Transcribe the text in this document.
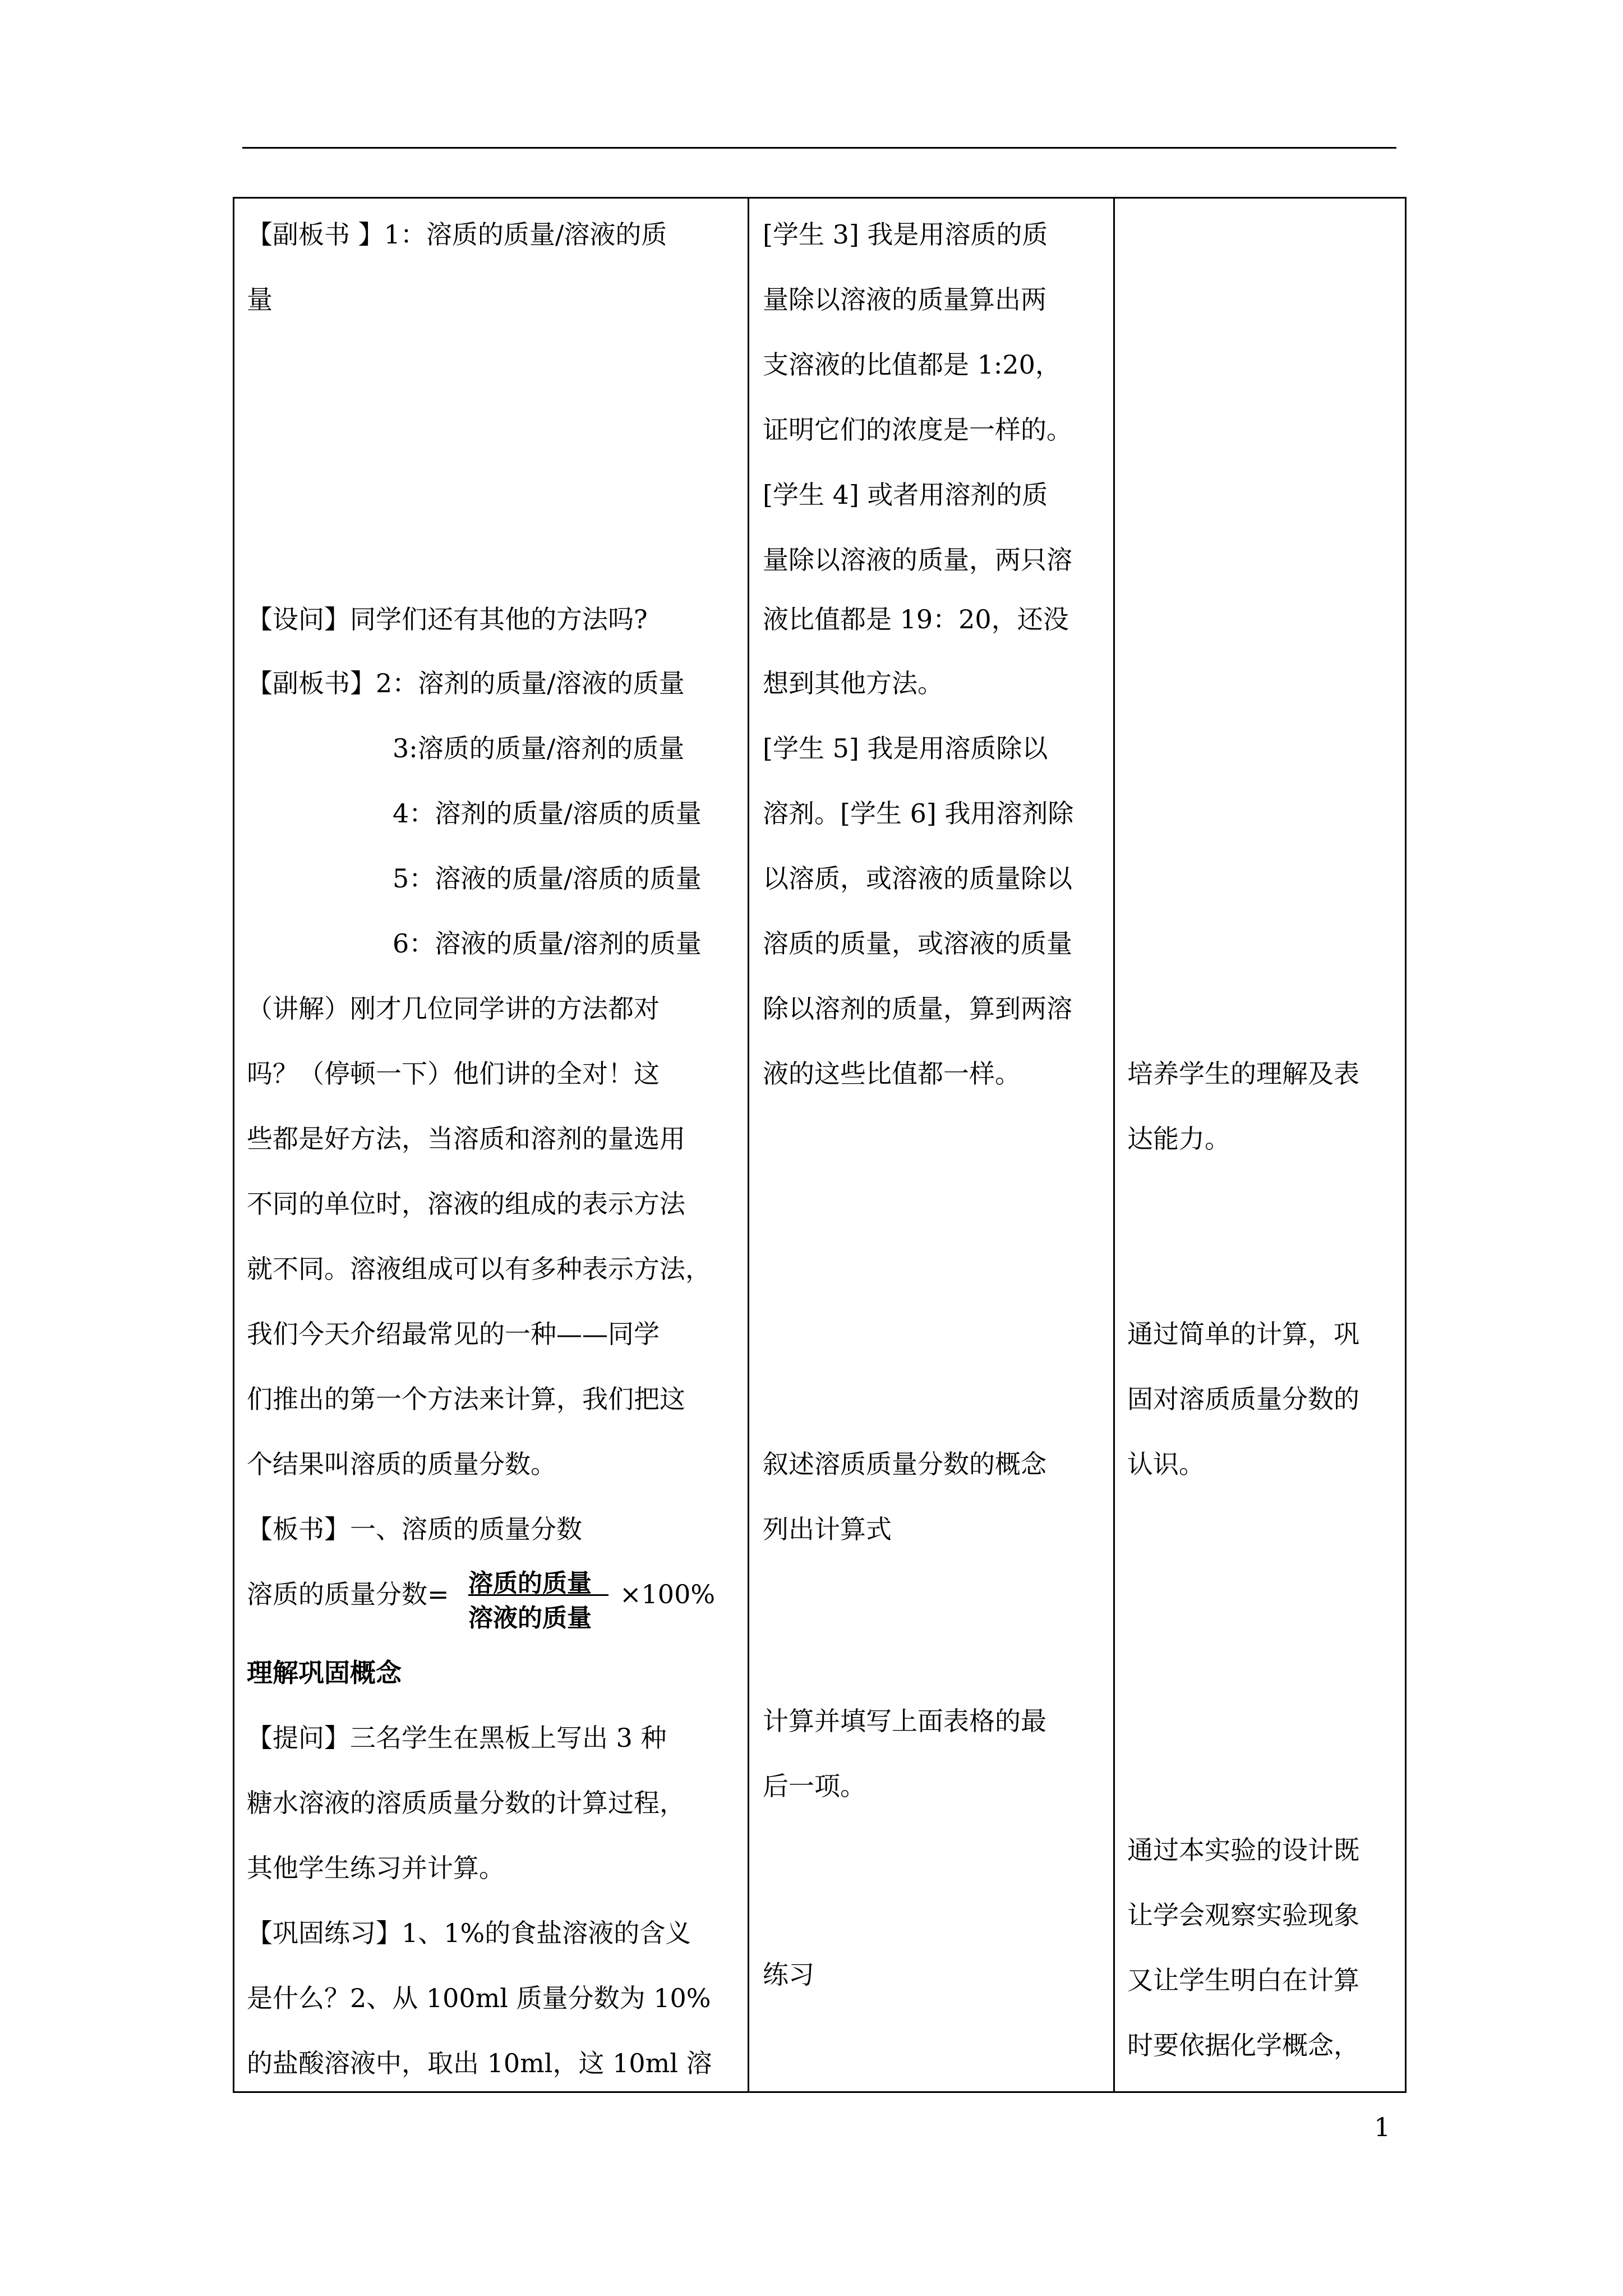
【副板书 】1：溶质的质量/溶液的质
量
【设问】同学们还有其他的方法吗?
【副板书】2：溶剂的质量/溶液的质量
3:溶质的质量/溶剂的质量
4：溶剂的质量/溶质的质量
5：溶液的质量/溶质的质量
6：溶液的质量/溶剂的质量
（讲解）刚才几位同学讲的方法都对
吗？（停顿一下）他们讲的全对！这
些都是好方法，当溶质和溶剂的量选用
不同的单位时，溶液的组成的表示方法
就不同。溶液组成可以有多种表示方法，
我们今天介绍最常见的一种——同学
们推出的第一个方法来计算，我们把这
个结果叫溶质的质量分数。
【板书】一、溶质的质量分数
溶质的质量分数= 溶质的质量
溶液的质量
×100%
理解巩固概念
【提问】三名学生在黑板上写出 3 种
糖水溶液的溶质质量分数的计算过程，
其他学生练习并计算。
【巩固练习】1、1%的食盐溶液的含义
是什么？2、从 100ml 质量分数为 10%
的盐酸溶液中，取出 10ml，这 10ml 溶
[学生 3] 我是用溶质的质
量除以溶液的质量算出两
支溶液的比值都是 1:20，
证明它们的浓度是一样的。
[学生 4] 或者用溶剂的质
量除以溶液的质量，两只溶
液比值都是 19：20，还没
想到其他方法。
[学生 5] 我是用溶质除以
溶剂。[学生 6] 我用溶剂除
以溶质，或溶液的质量除以
溶质的质量，或溶液的质量
除以溶剂的质量，算到两溶
液的这些比值都一样。
叙述溶质质量分数的概念
列出计算式
计算并填写上面表格的最
后一项。
练习
培养学生的理解及表
达能力。
通过简单的计算，巩
固对溶质质量分数的
认识。
通过本实验的设计既
让学会观察实验现象
又让学生明白在计算
时要依据化学概念，
1
